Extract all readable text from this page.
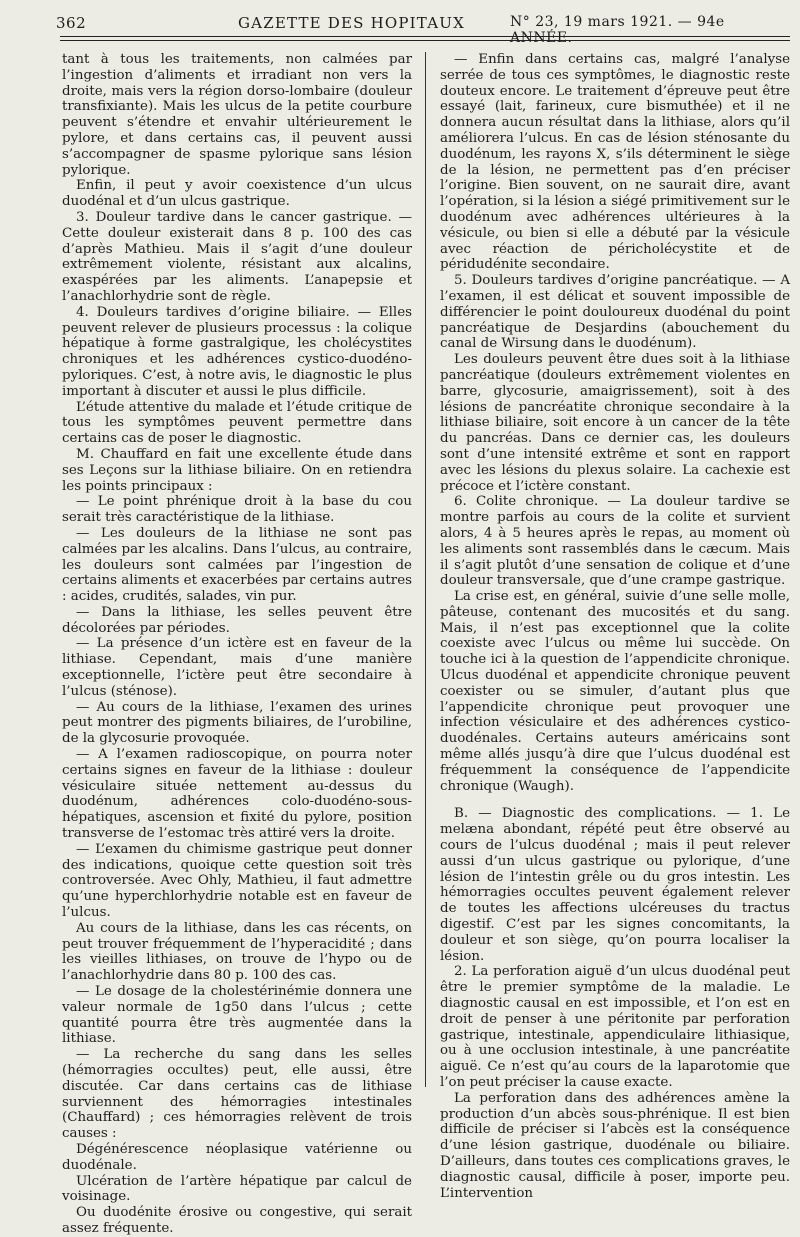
362	GAZETTE DES HOPITAUX	N° 23, 19 mars 1921. — 94e ANNÉE.

tant à tous les traitements, non calmées par l’ingestion d’aliments et irradiant non vers la droite, mais vers la région dorso-lombaire (douleur transfixiante). Mais les ulcus de la petite courbure peuvent s’étendre et envahir ultérieurement le pylore, et dans certains cas, il peuvent aussi s’accompagner de spasme pylorique sans lésion pylorique.

Enfin, il peut y avoir coexistence d’un ulcus duodénal et d’un ulcus gastrique.

3. Douleur tardive dans le cancer gastrique. — Cette douleur existerait dans 8 p. 100 des cas d’après Mathieu. Mais il s’agit d’une douleur extrêmement violente, résistant aux alcalins, exaspérées par les aliments. L’anapepsie et l’anachlorhydrie sont de règle.

4. Douleurs tardives d’origine biliaire. — Elles peuvent relever de plusieurs processus : la colique hépatique à forme gastralgique, les cholécystites chroniques et les adhérences cystico-duodéno-pyloriques. C’est, à notre avis, le diagnostic le plus important à discuter et aussi le plus difficile.

L’étude attentive du malade et l’étude critique de tous les symptômes peuvent permettre dans certains cas de poser le diagnostic.

M. Chauffard en fait une excellente étude dans ses Leçons sur la lithiase biliaire. On en retiendra les points principaux :

— Le point phrénique droit à la base du cou serait très caractéristique de la lithiase.

— Les douleurs de la lithiase ne sont pas calmées par les alcalins. Dans l’ulcus, au contraire, les douleurs sont calmées par l’ingestion de certains aliments et exacerbées par certains autres : acides, crudités, salades, vin pur.

— Dans la lithiase, les selles peuvent être décolorées par périodes.

— La présence d’un ictère est en faveur de la lithiase. Cependant, mais d’une manière exceptionnelle, l’ictère peut être secondaire à l’ulcus (sténose).

— Au cours de la lithiase, l’examen des urines peut montrer des pigments biliaires, de l’urobiline, de la glycosurie provoquée.

— A l’examen radioscopique, on pourra noter certains signes en faveur de la lithiase : douleur vésiculaire située nettement au-dessus du duodénum, adhérences colo-duodéno-sous-hépatiques, ascension et fixité du pylore, position transverse de l’estomac très attiré vers la droite.

— L’examen du chimisme gastrique peut donner des indications, quoique cette question soit très controversée. Avec Ohly, Mathieu, il faut admettre qu’une hyperchlorhydrie notable est en faveur de l’ulcus.

Au cours de la lithiase, dans les cas récents, on peut trouver fréquemment de l’hyperacidité ; dans les vieilles lithiases, on trouve de l’hypo ou de l’anachlorhydrie dans 80 p. 100 des cas.

— Le dosage de la cholestérinémie donnera une valeur normale de 1g50 dans l’ulcus ; cette quantité pourra être très augmentée dans la lithiase.

— La recherche du sang dans les selles (hémorragies occultes) peut, elle aussi, être discutée. Car dans certains cas de lithiase surviennent des hémorragies intestinales (Chauffard) ; ces hémorragies relèvent de trois causes :

Dégénérescence néoplasique vatérienne ou duodénale.

Ulcération de l’artère hépatique par calcul de voisinage.

Ou duodénite érosive ou congestive, qui serait assez fréquente.

— Enfin dans certains cas, malgré l’analyse serrée de tous ces symptômes, le diagnostic reste douteux encore. Le traitement d’épreuve peut être essayé (lait, farineux, cure bismuthée) et il ne donnera aucun résultat dans la lithiase, alors qu’il améliorera l’ulcus. En cas de lésion sténosante du duodénum, les rayons X, s’ils déterminent le siège de la lésion, ne permettent pas d’en préciser l’origine. Bien souvent, on ne saurait dire, avant l’opération, si la lésion a siégé primitivement sur le duodénum avec adhérences ultérieures à la vésicule, ou bien si elle a débuté par la vésicule avec réaction de péricholécystite et de péridudénite secondaire.

5. Douleurs tardives d’origine pancréatique. — A l’examen, il est délicat et souvent impossible de différencier le point douloureux duodénal du point pancréatique de Desjardins (abouchement du canal de Wirsung dans le duodénum).

Les douleurs peuvent être dues soit à la lithiase pancréatique (douleurs extrêmement violentes en barre, glycosurie, amaigrissement), soit à des lésions de pancréatite chronique secondaire à la lithiase biliaire, soit encore à un cancer de la tête du pancréas. Dans ce dernier cas, les douleurs sont d’une intensité extrême et sont en rapport avec les lésions du plexus solaire. La cachexie est précoce et l’ictère constant.

6. Colite chronique. — La douleur tardive se montre parfois au cours de la colite et survient alors, 4 à 5 heures après le repas, au moment où les aliments sont rassemblés dans le cæcum. Mais il s’agit plutôt d’une sensation de colique et d’une douleur transversale, que d’une crampe gastrique.

La crise est, en général, suivie d’une selle molle, pâteuse, contenant des mucosités et du sang. Mais, il n’est pas exceptionnel que la colite coexiste avec l’ulcus ou même lui succède. On touche ici à la question de l’appendicite chronique. Ulcus duodénal et appendicite chronique peuvent coexister ou se simuler, d’autant plus que l’appendicite chronique peut provoquer une infection vésiculaire et des adhérences cystico-duodénales. Certains auteurs américains sont même allés jusqu’à dire que l’ulcus duodénal est fréquemment la conséquence de l’appendicite chronique (Waugh).

B. — Diagnostic des complications. — 1. Le melæna abondant, répété peut être observé au cours de l’ulcus duodénal ; mais il peut relever aussi d’un ulcus gastrique ou pylorique, d’une lésion de l’intestin grêle ou du gros intestin. Les hémorragies occultes peuvent également relever de toutes les affections ulcéreuses du tractus digestif. C’est par les signes concomitants, la douleur et son siège, qu’on pourra localiser la lésion.

2. La perforation aiguë d’un ulcus duodénal peut être le premier symptôme de la maladie. Le diagnostic causal en est impossible, et l’on est en droit de penser à une péritonite par perforation gastrique, intestinale, appendiculaire lithiasique, ou à une occlusion intestinale, à une pancréatite aiguë. Ce n’est qu’au cours de la laparotomie que l’on peut préciser la cause exacte.

La perforation dans des adhérences amène la production d’un abcès sous-phrénique. Il est bien difficile de préciser si l’abcès est la conséquence d’une lésion gastrique, duodénale ou biliaire. D’ailleurs, dans toutes ces complications graves, le diagnostic causal, difficile à poser, importe peu. L’intervention
